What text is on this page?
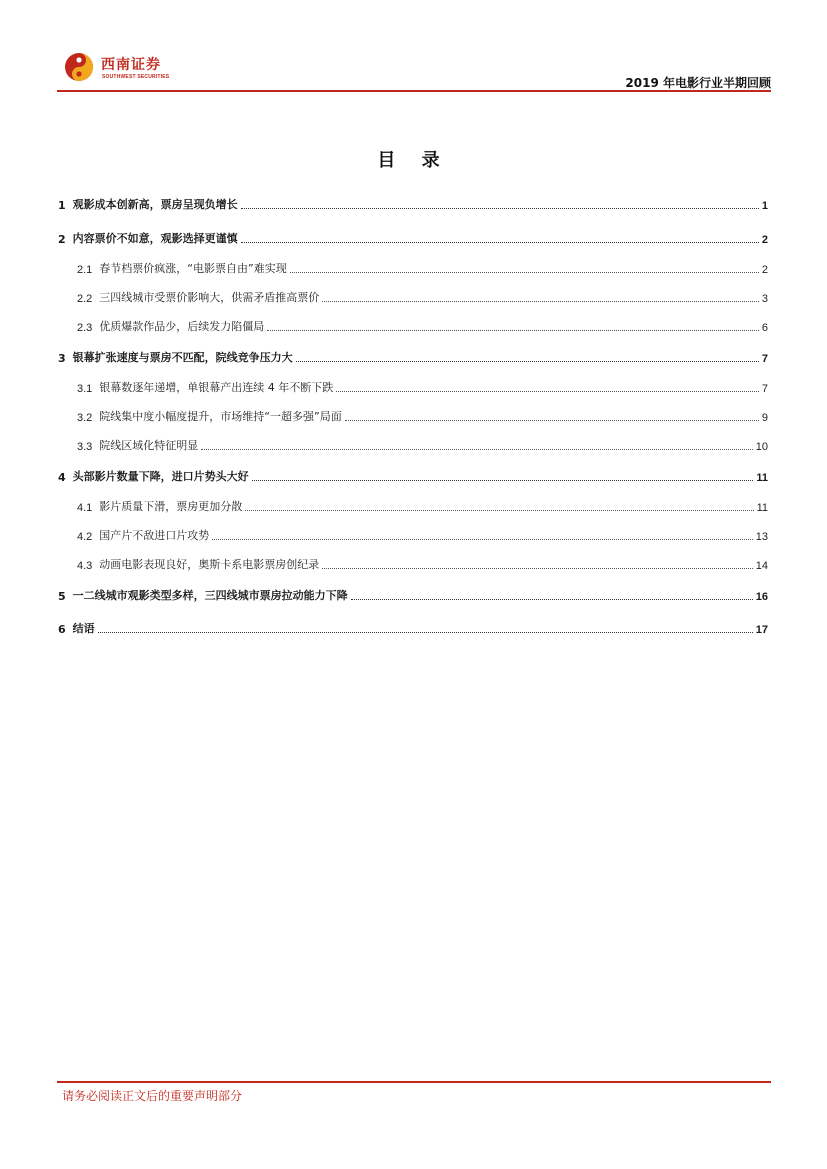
西南证券
SOUTHWEST SECURITIES	2019 年电影行业半期回顾
目 录
1 观影成本创新高，票房呈现负增长	1
2 内容票价不如意，观影选择更谨慎	2
2.1 春节档票价疯涨，“电影票自由”难实现	2
2.2 三四线城市受票价影响大，供需矛盾推高票价	3
2.3 优质爆款作品少，后续发力陷僵局	6
3 银幕扩张速度与票房不匹配，院线竞争压力大	7
3.1 银幕数逐年递增，单银幕产出连续 4 年不断下跌	7
3.2 院线集中度小幅度提升，市场维持“一超多强”局面	9
3.3 院线区域化特征明显	10
4 头部影片数量下降，进口片势头大好	11
4.1 影片质量下滑，票房更加分散	11
4.2 国产片不敌进口片攻势	13
4.3 动画电影表现良好，奥斯卡系电影票房创纪录	14
5 一二线城市观影类型多样，三四线城市票房拉动能力下降	16
6 结语	17
请务必阅读正文后的重要声明部分
